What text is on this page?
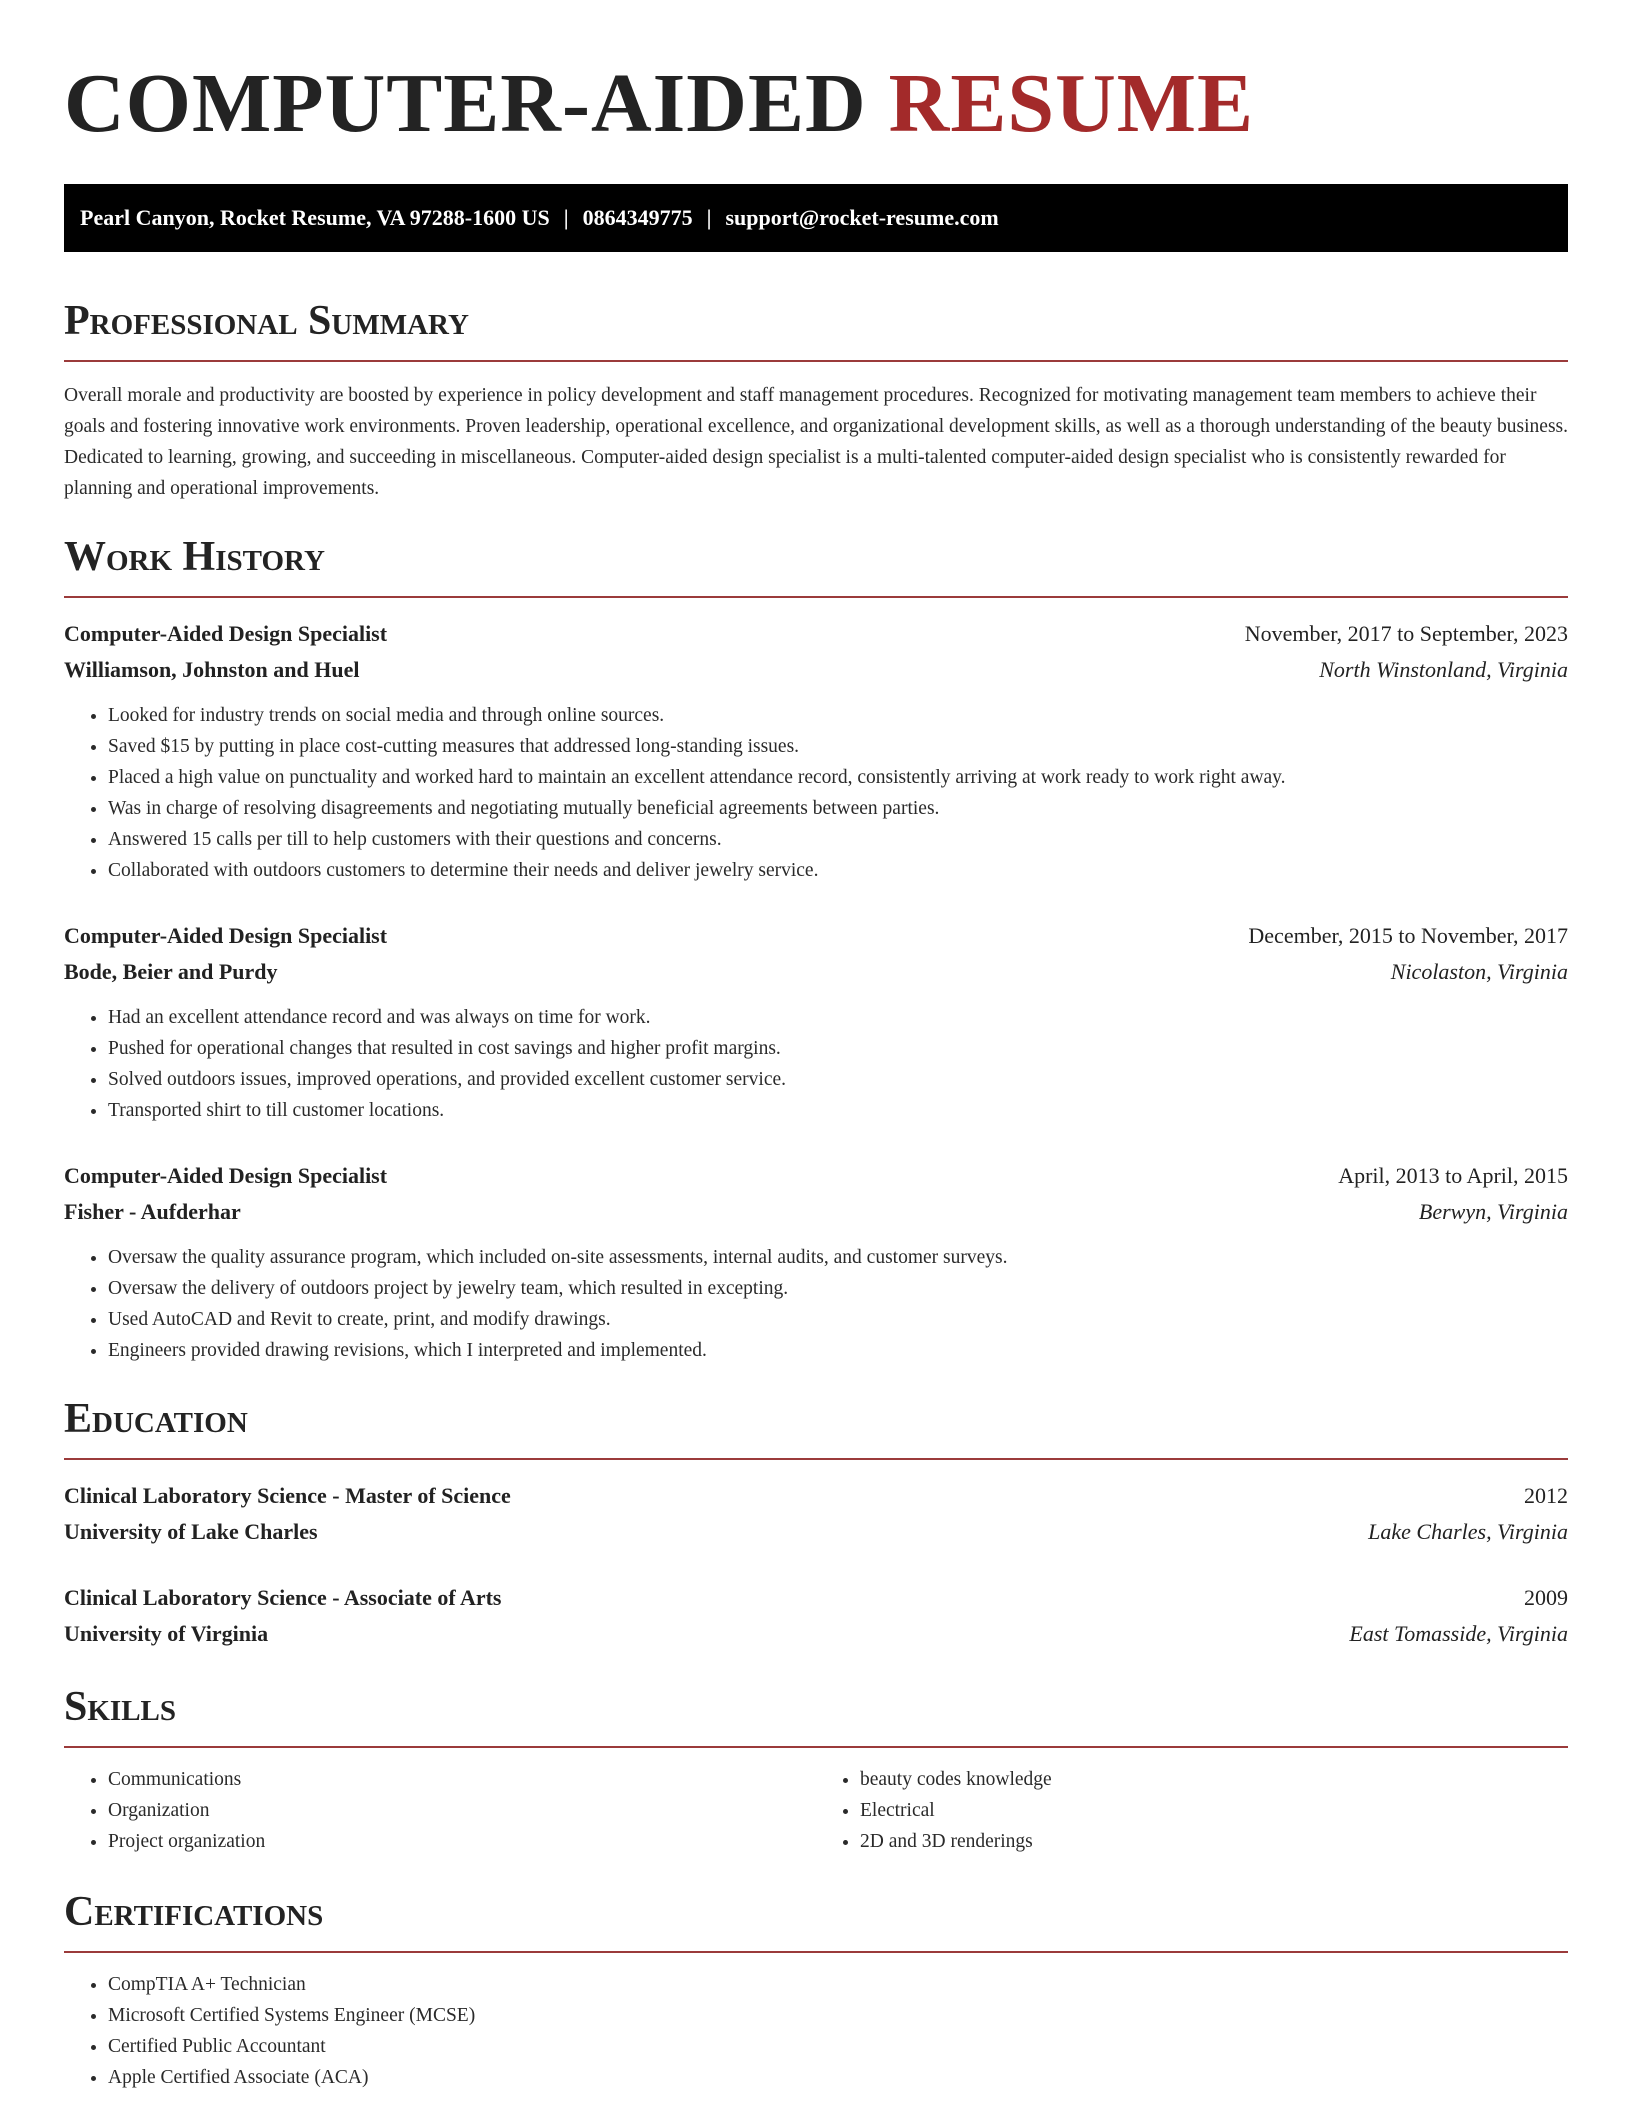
COMPUTER-AIDED RESUME
Pearl Canyon, Rocket Resume, VA 97288-1600 US | 0864349775 | support@rocket-resume.com
Professional Summary

Overall morale and productivity are boosted by experience in policy development and staff management procedures. Recognized for motivating management team members to achieve their goals and fostering innovative work environments. Proven leadership, operational excellence, and organizational development skills, as well as a thorough understanding of the beauty business. Dedicated to learning, growing, and succeeding in miscellaneous. Computer-aided design specialist is a multi-talented computer-aided design specialist who is consistently rewarded for planning and operational improvements.

Work History
Computer-Aided Design Specialist	November, 2017 to September, 2023
Williamson, Johnston and Huel	North Winstonland, Virginia
• Looked for industry trends on social media and through online sources.
• Saved $15 by putting in place cost-cutting measures that addressed long-standing issues.
• Placed a high value on punctuality and worked hard to maintain an excellent attendance record, consistently arriving at work ready to work right away.
• Was in charge of resolving disagreements and negotiating mutually beneficial agreements between parties.
• Answered 15 calls per till to help customers with their questions and concerns.
• Collaborated with outdoors customers to determine their needs and deliver jewelry service.
Computer-Aided Design Specialist	December, 2015 to November, 2017
Bode, Beier and Purdy	Nicolaston, Virginia
• Had an excellent attendance record and was always on time for work.
• Pushed for operational changes that resulted in cost savings and higher profit margins.
• Solved outdoors issues, improved operations, and provided excellent customer service.
• Transported shirt to till customer locations.
Computer-Aided Design Specialist	April, 2013 to April, 2015
Fisher - Aufderhar	Berwyn, Virginia
• Oversaw the quality assurance program, which included on-site assessments, internal audits, and customer surveys.
• Oversaw the delivery of outdoors project by jewelry team, which resulted in excepting.
• Used AutoCAD and Revit to create, print, and modify drawings.
• Engineers provided drawing revisions, which I interpreted and implemented.
Education
Clinical Laboratory Science - Master of Science	2012
University of Lake Charles	Lake Charles, Virginia
Clinical Laboratory Science - Associate of Arts	2009
University of Virginia	East Tomasside, Virginia
Skills
• Communications
• Organization
• Project organization
• beauty codes knowledge
• Electrical
• 2D and 3D renderings
Certifications
• CompTIA A+ Technician
• Microsoft Certified Systems Engineer (MCSE)
• Certified Public Accountant
• Apple Certified Associate (ACA)
